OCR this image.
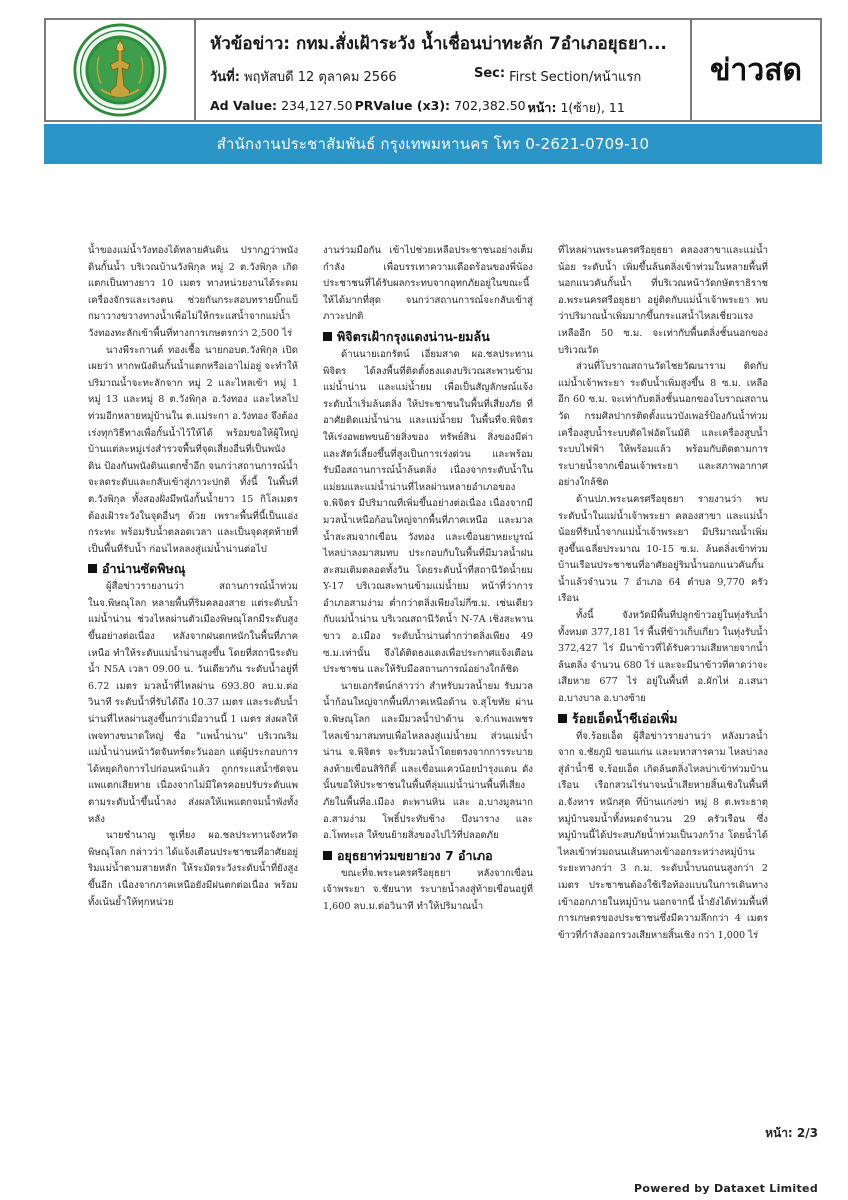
หัวข้อข่าว: กทม.สั่งเฝ้าระวัง น้ำเชื่อนบ่าทะลัก 7อำเภอยุธยา...
วันที่: พฤหัสบดี 12 ตุลาคม 2566	Sec: First Section/หน้าแรก
Ad Value: 234,127.50 PRValue (x3): 702,382.50 หน้า: 1(ซ้าย), 11
ข่าวสด
สำนักงานประชาสัมพันธ์ กรุงเทพมหานคร โทร 0-2621-0709-10

น้ำของแม่น้ำวังทองได้ทลายคันดิน ปรากฏว่าพนังดินกั้นน้ำ บริเวณบ้านวังพิกุล หมู่ 2 ต.วังพิกุล เกิดแตกเป็นทางยาว 10 เมตร ทางหน่วยงานได้ระดมเครื่องจักรและเรงตน ช่วยกันกระสอบทรายบิ๊กแบ็กมาวางขวางทางน้ำเพื่อไม่ให้กระแสน้ำจากแม่น้ำวังทองทะลักเข้าพื้นที่ทางการเกษตรกว่า 2,500 ไร่

นางพีระกานต์ ทองเชื้อ นายกอบต.วังพิกุล เปิดเผยว่า หากพนังดินกั้นน้ำแตกหรือเอาไม่อยู่ จะทำให้ปริมาณน้ำจะทะลักจาก หมู่ 2 และไหลเข้า หมู่ 1 หมู่ 13 และหมู่ 8 ต.วังพิกุล อ.วังทอง และไหลไปท่วมอีกหลายหมู่บ้านใน ต.แม่ระกา อ.วังทอง จึงต้องเร่งทุกวิธีทางเพื่อกั้นน้ำไว้ให้ได้ พร้อมขอให้ผู้ใหญ่บ้านแต่ละหมู่เร่งสำรวจพื้นที่จุดเสี่ยงอื่นที่เป็นพนังดิน ป้องกันพนังดินแตกซ้ำอีก จนกว่าสถานการณ์น้ำจะลดระดับและกลับเข้าสู่ภาวะปกติ ทั้งนี้ ในพื้นที่ ต.วังพิกุล ทั้งสองฝั่งมีพนังกั้นน้ำยาว 15 กิโลเมตร ต้องเฝ้าระวังในจุดอื่นๆ ด้วย เพราะพื้นที่นี้เป็นแอ่งกระทะ พร้อมรับน้ำตลอดเวลา และเป็นจุดสุดท้ายที่เป็นพื้นที่รับน้ำ ก่อนไหลลงสู่แม่น้ำน่านต่อไป

อำน่านซัดพิษณุ

ผู้สื่อข่าวรายงานว่า สถานการณ์น้ำท่วมในจ.พิษณุโลก หลายพื้นที่ริมคลองสาย แต่ระดับน้ำแม่น้ำน่าน ช่วงไหลผ่านตัวเมืองพิษณุโลกมีระดับสูงขึ้นอย่างต่อเนื่อง หลังจากฝนตกหนักในพื้นที่ภาคเหนือ ทำให้ระดับแม่น้ำน่านสูงขึ้น โดยที่สถานีระดับน้ำ N5A เวลา 09.00 น. วันเดียวกัน ระดับน้ำอยู่ที่ 6.72 เมตร มวลน้ำที่ไหลผ่าน 693.80 ลบ.ม.ต่อวินาที ระดับน้ำที่รับได้ถึง 10.37 เมตร และระดับน้ำน่านที่ไหลผ่านสูงขึ้นกว่าเมื่อวานนี้ 1 เมตร ส่งผลให้เพจทางขนาดใหญ่ ชื่อ "แพน้ำน่าน" บริเวณริมแม่น้ำน่านหน้าวัดจันทร์ตะวันออก แต่ผู้ประกอบการได้หยุดกิจการไปก่อนหน้าแล้ว ถูกกระแสน้ำซัดจนแพแตกเสียหาย เนื่องจากไม่มีใครคอยปรับระดับแพตามระดับน้ำขึ้นน้ำลง ส่งผลให้แพแตกจมน้ำพังทั้งหลัง

นายชำนาญ ชูเที่ยง ผอ.ชลประทานจังหวัดพิษณุโลก กล่าวว่า ได้แจ้งเตือนประชาชนที่อาศัยอยู่ริมแม่น้ำตามสายหลัก ให้ระมัดระวังระดับน้ำที่ยังสูงขึ้นอีก เนื่องจากภาคเหนือยังมีฝนตกต่อเนื่อง พร้อมทั้งเน้นย้ำให้ทุกหน่วย

งานร่วมมือกัน เข้าไปช่วยเหลือประชาชนอย่างเต็มกำลัง เพื่อบรรเทาความเดือดร้อนของพี่น้องประชาชนที่ได้รับผลกระทบจากอุทกภัยอยู่ในขณะนี้ให้ได้มากที่สุด จนกว่าสถานการณ์จะกลับเข้าสู่ภาวะปกติ

พิจิตรเฝ้ากรุงแดงน่าน-ยมล้น

ด้านนายเอกรัตน์ เอี่ยมสาด ผอ.ชลประทานพิจิตร ได้ลงพื้นที่ติดตั้งธงแดงบริเวณสะพานข้าม แม่น้ำน่าน และแม่น้ำยม เพื่อเป็นสัญลักษณ์แจ้งระดับน้ำเริ่มล้นตลิ่ง ให้ประชาชนในพื้นที่เสี่ยงภัย ที่อาศัยติดแม่น้ำน่าน และแม่น้ำยม ในพื้นที่จ.พิจิตร ให้เร่งอพยพขนย้ายสิ่งของ ทรัพย์สิน สิ่งของมีค่าและสัตว์เลี้ยงขึ้นที่สูงเป็นการเร่งด่วน และพร้อมรับมือสถานการณ์น้ำล้นตลิ่ง เนื่องจากระดับน้ำในแม่ยมและแม่น้ำน่านที่ไหลผ่านหลายอำเภอของ จ.พิจิตร มีปริมาณที่เพิ่มขึ้นอย่างต่อเนื่อง เนื่องจากมีมวลน้ำเหนือก้อนใหญ่จากพื้นที่ภาคเหนือ และมวลน้ำสะสมจากเขื่อน วังทอง และเขื่อนยาหยะบูรณ์ไหลบ่าลงมาสมทบ ประกอบกับในพื้นที่มีมวลน้ำฝนสะสมเติมตลอดทั้งวัน โดยระดับน้ำที่สถานีวัดน้ำยม Y-17 บริเวณสะพานข้ามแม่น้ำยม หน้าที่ว่าการอำเภอสามง่าม ต่ำกว่าตลิ่งเพียงไม่กี่ซ.ม. เช่นเดียวกับแม่น้ำน่าน บริเวณสถานีวัดน้ำ N-7A เชิงสะพานขาว อ.เมือง ระดับน้ำน่านต่ำกว่าตลิ่งเพียง 49 ซ.ม.เท่านั้น จึงได้ติดธงแดงเพื่อประกาศแจ้งเตือนประชาชน และให้รับมือสถานการณ์อย่างใกล้ชิด

นายเอกรัตน์กล่าวว่า สำหรับมวลน้ำยม รับมวลน้ำก้อนใหญ่จากพื้นที่ภาคเหนือด้าน จ.สุโขทัย ผ่านจ.พิษณุโลก และมีมวลน้ำป่าด้าน จ.กำแพงเพชร ไหลเข้ามาสมทบเพื่อไหลลงสู่แม่น้ำยม ส่วนแม่น้ำน่าน จ.พิจิตร จะรับมวลน้ำโดยตรงจากการระบายลงท้ายเขื่อนสิริกิติ์ และเขื่อนแควน้อยบำรุงแดน ดังนั้นขอให้ประชาชนในพื้นที่ลุ่มแม่น้ำน่านพื้นที่เสี่ยงภัยในพื้นที่อ.เมือง ตะพานหิน และ อ.บางมูลนาก อ.สามง่าม โพธิ์ประทับช้าง บึงนาราง และ อ.โพทะเล ให้ขนย้ายสิ่งของไปไว้ที่ปลอดภัย

อยุธยาท่วมขยายวง 7 อำเภอ

ขณะที่จ.พระนครศรีอยุธยา หลังจากเขื่อนเจ้าพระยา จ.ชัยนาท ระบายน้ำลงสู่ท้ายเขื่อนอยู่ที่ 1,600 ลบ.ม.ต่อวินาที ทำให้ปริมาณน้ำ

ที่ไหลผ่านพระนครศรีอยุธยา คลองสาขาและแม่น้ำน้อย ระดับน้ำ เพิ่มขึ้นล้นตลิ่งเข้าท่วมในหลายพื้นที่ นอกแนวคันกั้นน้ำ ที่บริเวณหน้าวัดกษัตราธิราช อ.พระนครศรีอยุธยา อยู่ติดกับแม่น้ำเจ้าพระยา พบว่าปริมาณน้ำเพิ่มมากขึ้นกระแสน้ำไหลเชี่ยวแรง เหลืออีก 50 ซ.ม. จะเท่ากับพื้นตลิ่งชั้นนอกของบริเวณวัด

ส่วนที่โบราณสถานวัดไชยวัฒนาราม ติดกับแม่น้ำเจ้าพระยา ระดับน้ำเพิ่มสูงขึ้น 8 ซ.ม. เหลืออีก 60 ซ.ม. จะเท่ากับตลิ่งชั้นนอกของโบราณสถานวัด กรมศิลปากรติดตั้งแนวบังเพอร์ป้องกันน้ำท่วมเครื่องสูบน้ำระบบตัดไฟอัตโนมัติ และเครื่องสูบน้ำระบบไฟฟ้า ให้พร้อมแล้ว พร้อมกับติดตามการระบายน้ำจากเขื่อนเจ้าพระยา และสภาพอากาศอย่างใกล้ชิด

ด้านปภ.พระนครศรีอยุธยา รายงานว่า พบระดับน้ำในแม่น้ำเจ้าพระยา คลองสาขา และแม่น้ำน้อยที่รับน้ำจากแม่น้ำเจ้าพระยา มีปริมาณน้ำเพิ่มสูงขึ้นเฉลี่ยประมาณ 10-15 ซ.ม. ล้นตลิ่งเข้าท่วมบ้านเรือนประชาชนที่อาศัยอยู่ริมน้ำนอกแนวคันกั้นน้ำแล้วจำนวน 7 อำเภอ 64 ตำบล 9,770 ครัวเรือน

ทั้งนี้ จังหวัดมีพื้นที่ปลูกข้าวอยู่ในทุ่งรับน้ำทั้งหมด 377,181 ไร่ พื้นที่ข้าวเก็บเกี่ยว ในทุ่งรับน้ำ 372,427 ไร่ มีนาข้าวที่ได้รับความเสียหายจากน้ำล้นตลิ่ง จำนวน 680 ไร่ และจะมีนาข้าวที่คาดว่าจะเสียหาย 677 ไร่ อยู่ในพื้นที่ อ.ผักไห่ อ.เสนา อ.บางบาล อ.บางซ้าย

ร้อยเอ็ดน้ำชีเอ่อเพิ่ม

ที่จ.ร้อยเอ็ด ผู้สื่อข่าวรายงานว่า หลังมวลน้ำจาก จ.ชัยภูมิ ขอนแก่น และมหาสารคาม ไหลบ่าลงสู่ลำน้ำชี จ.ร้อยเอ็ด เกิดล้นตลิ่งไหลบ่าเข้าท่วมบ้านเรือน เรือกสวนไร่นาจนน้ำเสียหายสิ้นเชิงในพื้นที่ อ.จังหาร หนักสุด ที่บ้านแก่งข่า หมู่ 8 ต.พระธาตุ หมู่บ้านจมน้ำทั้งหมดจำนวน 29 ครัวเรือน ซึ่งหมู่บ้านนี้ได้ประสบภัยน้ำท่วมเป็นวงกว้าง โดยน้ำได้ไหลเข้าท่วมถนนเส้นทางเข้าออกระหว่างหมู่บ้านระยะทางกว่า 3 ก.ม. ระดับน้ำบนถนนสูงกว่า 2 เมตร ประชาชนต้องใช้เรือท้องแบนในการเดินทางเข้าออกภายในหมู่บ้าน นอกจากนี้ น้ำยังได้ท่วมพื้นที่การเกษตรของประชาชนซึ่งมีความลึกกว่า 4 เมตร ข้าวที่กำลังออกรวงเสียหายสิ้นเชิง กว่า 1,000 ไร่

หน้า: 2/3
Powered by Dataxet Limited
